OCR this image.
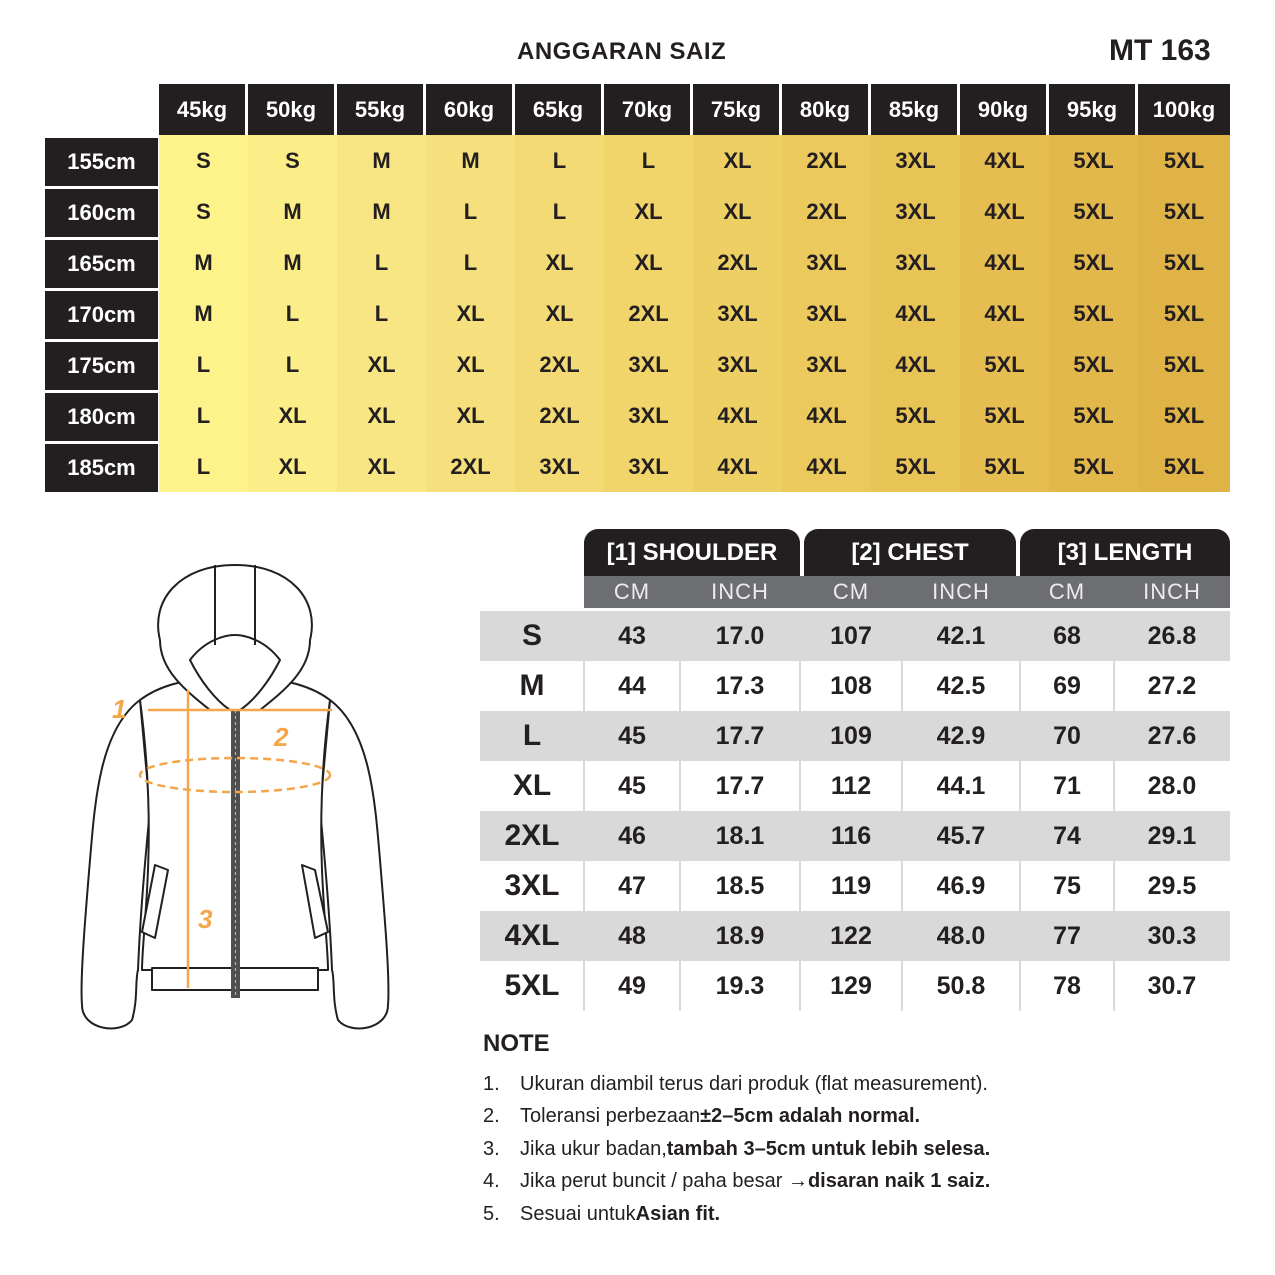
ANGGARAN SAIZ	MT 163
45kg	50kg	55kg	60kg	65kg	70kg	75kg	80kg	85kg	90kg	95kg	100kg
155cm	S	S	M	M	L	L	XL	2XL	3XL	4XL	5XL	5XL
160cm	S	M	M	L	L	XL	XL	2XL	3XL	4XL	5XL	5XL
165cm	M	M	L	L	XL	XL	2XL	3XL	3XL	4XL	5XL	5XL
170cm	M	L	L	XL	XL	2XL	3XL	3XL	4XL	4XL	5XL	5XL
175cm	L	L	XL	XL	2XL	3XL	3XL	3XL	4XL	5XL	5XL	5XL
180cm	L	XL	XL	XL	2XL	3XL	4XL	4XL	5XL	5XL	5XL	5XL
185cm	L	XL	XL	2XL	3XL	3XL	4XL	4XL	5XL	5XL	5XL	5XL
1
2
3
[1] SHOULDER	[2] CHEST	[3] LENGTH
CM	INCH	CM	INCH	CM	INCH
S	43	17.0	107	42.1	68	26.8
M	44	17.3	108	42.5	69	27.2
L	45	17.7	109	42.9	70	27.6
XL	45	17.7	112	44.1	71	28.0
2XL	46	18.1	116	45.7	74	29.1
3XL	47	18.5	119	46.9	75	29.5
4XL	48	18.9	122	48.0	77	30.3
5XL	49	19.3	129	50.8	78	30.7
NOTE
1.	Ukuran diambil terus dari produk (flat measurement).
2.	Toleransi perbezaan ±2–5cm adalah normal.
3.	Jika ukur badan, tambah 3–5cm untuk lebih selesa.
4.	Jika perut buncit / paha besar → disaran naik 1 saiz.
5.	Sesuai untuk Asian fit.
